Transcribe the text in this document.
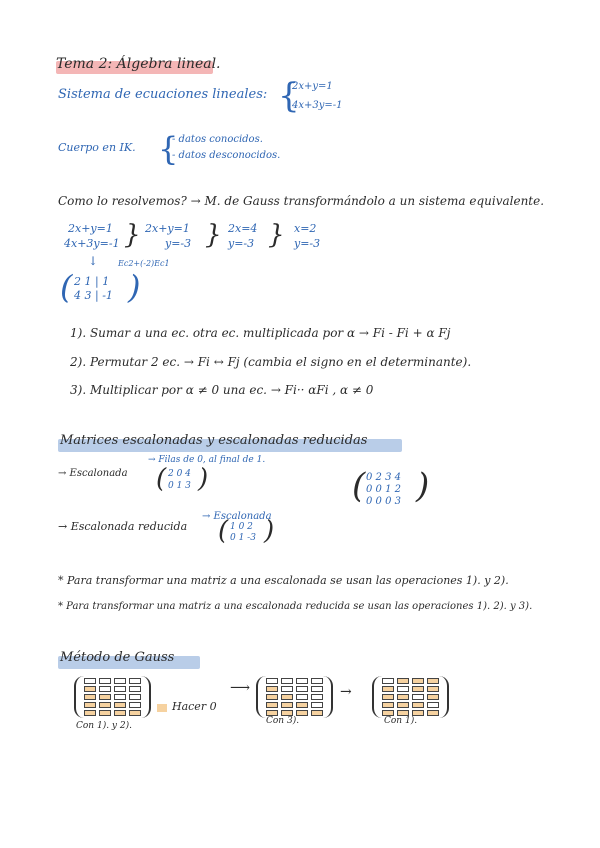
Tema 2: Álgebra lineal.
Sistema de ecuaciones lineales: {
2x+y=1
4x+3y=-1
Cuerpo en IK. {
- datos conocidos.
- datos desconocidos.
Como lo resolvemos? → M. de Gauss transformándolo a un sistema equivalente.
2x+y=1
4x+3y=-1 } 2x+y=1
y=-3 } 2x=4
y=-3 } x=2
y=-3
↓ Ec2+(-2)Ec1
( 2 1 | 1
4 3 | -1 )
1). Sumar a una ec. otra ec. multiplicada por α → Fi - Fi + α Fj
2). Permutar 2 ec. → Fi ↔ Fj (cambia el signo en el determinante).
3). Multiplicar por α ≠ 0 una ec. → Fi·· αFi , α ≠ 0
Matrices escalonadas y escalonadas reducidas
→ Filas de 0, al final de 1.
→ Escalonada ( 2 0 4
0 1 3 )	( 0 2 3 4
0 0 1 2
0 0 0 3 )
→ Escalonada
→ Escalonada reducida ( 1 0 2
0 1 -3 )
* Para transformar una matriz a una escalonada se usan las operaciones 1). y 2).
* Para transformar una matriz a una escalonada reducida se usan las operaciones 1). 2). y 3).
Método de Gauss
Hacer 0
⟶	→
Con 1). y 2).	Con 3).	Con 1).
